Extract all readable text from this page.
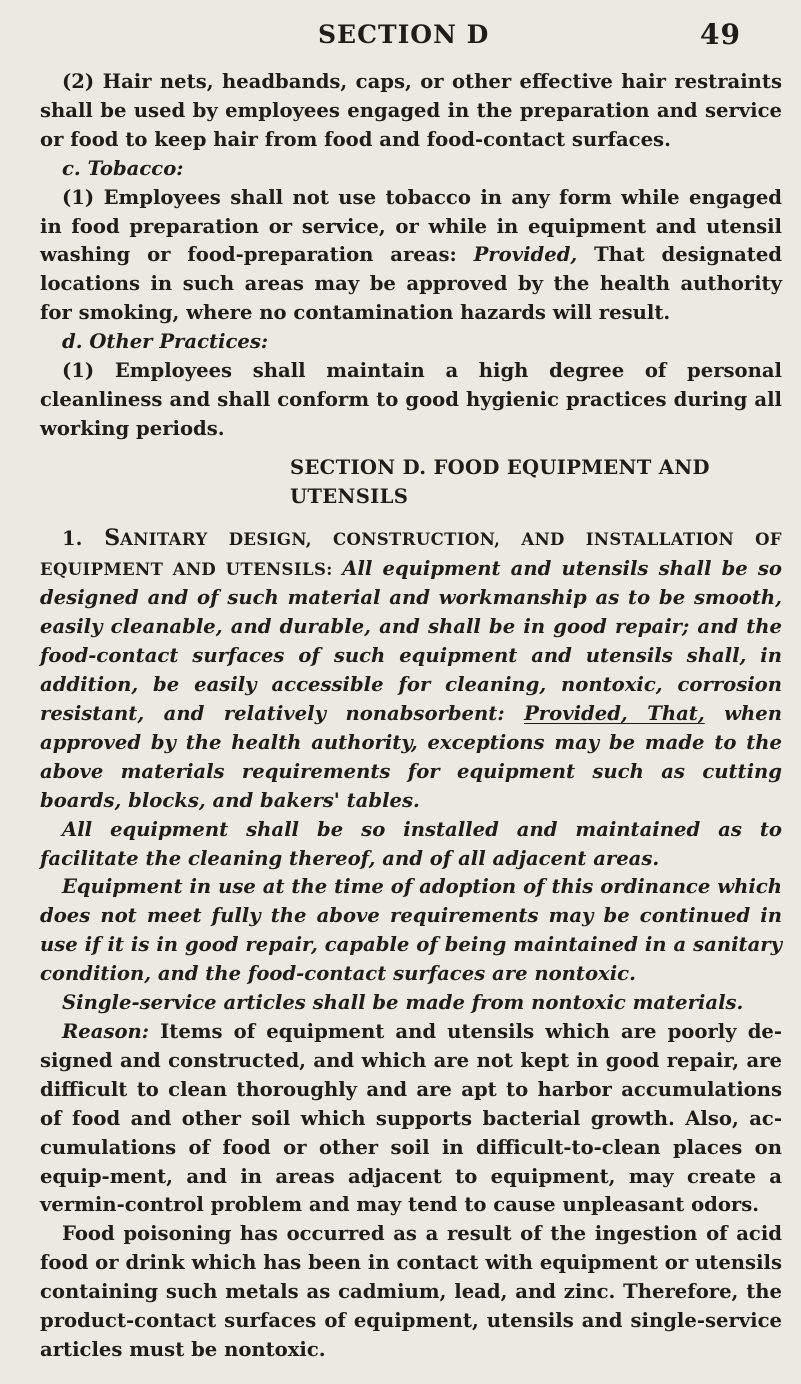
SECTION D	49

(2) Hair nets, headbands, caps, or other effective hair restraints shall be used by employees engaged in the preparation and service or food to keep hair from food and food-contact surfaces.

c. Tobacco:

(1) Employees shall not use tobacco in any form while engaged in food preparation or service, or while in equipment and utensil washing or food-preparation areas: Provided, That designated locations in such areas may be approved by the health authority for smoking, where no contamination hazards will result.

d. Other Practices:

(1) Employees shall maintain a high degree of personal cleanliness and shall conform to good hygienic practices during all working periods.

SECTION D. FOOD EQUIPMENT AND UTENSILS

1. SANITARY DESIGN, CONSTRUCTION, AND INSTALLATION OF EQUIPMENT AND UTENSILS: All equipment and utensils shall be so designed and of such material and workmanship as to be smooth, easily cleanable, and durable, and shall be in good repair; and the food-contact surfaces of such equipment and utensils shall, in addition, be easily accessible for cleaning, nontoxic, corrosion resistant, and relatively nonabsorbent: Provided, That, when approved by the health authority, exceptions may be made to the above materials requirements for equipment such as cutting boards, blocks, and bakers' tables.

All equipment shall be so installed and maintained as to facilitate the cleaning thereof, and of all adjacent areas.

Equipment in use at the time of adoption of this ordinance which does not meet fully the above requirements may be continued in use if it is in good repair, capable of being maintained in a sanitary condition, and the food-contact surfaces are nontoxic.

Single-service articles shall be made from nontoxic materials.

Reason: Items of equipment and utensils which are poorly de-signed and constructed, and which are not kept in good repair, are difficult to clean thoroughly and are apt to harbor accumulations of food and other soil which supports bacterial growth. Also, ac-cumulations of food or other soil in difficult-to-clean places on equip-ment, and in areas adjacent to equipment, may create a vermin-control problem and may tend to cause unpleasant odors.

Food poisoning has occurred as a result of the ingestion of acid food or drink which has been in contact with equipment or utensils containing such metals as cadmium, lead, and zinc. Therefore, the product-contact surfaces of equipment, utensils and single-service articles must be nontoxic.
